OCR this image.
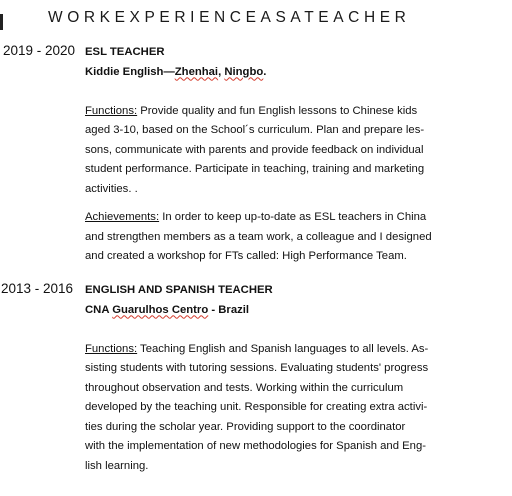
WORKEXPERIENCEASATEACHER
2019 - 2020 ESL TEACHER
Kiddie English—Zhenhai, Ningbo.
Functions: Provide quality and fun English lessons to Chinese kids
aged 3-10, based on the School´s curriculum. Plan and prepare les-
sons, communicate with parents and provide feedback on individual
student performance. Participate in teaching, training and marketing
activities. .
Achievements: In order to keep up-to-date as ESL teachers in China
and strengthen members as a team work, a colleague and I designed
and created a workshop for FTs called: High Performance Team.
2013 - 2016 ENGLISH AND SPANISH TEACHER
CNA Guarulhos Centro - Brazil
Functions: Teaching English and Spanish languages to all levels. As-
sisting students with tutoring sessions. Evaluating students' progress
throughout observation and tests. Working within the curriculum
developed by the teaching unit. Responsible for creating extra activi-
ties during the scholar year. Providing support to the coordinator
with the implementation of new methodologies for Spanish and Eng-
lish learning.
